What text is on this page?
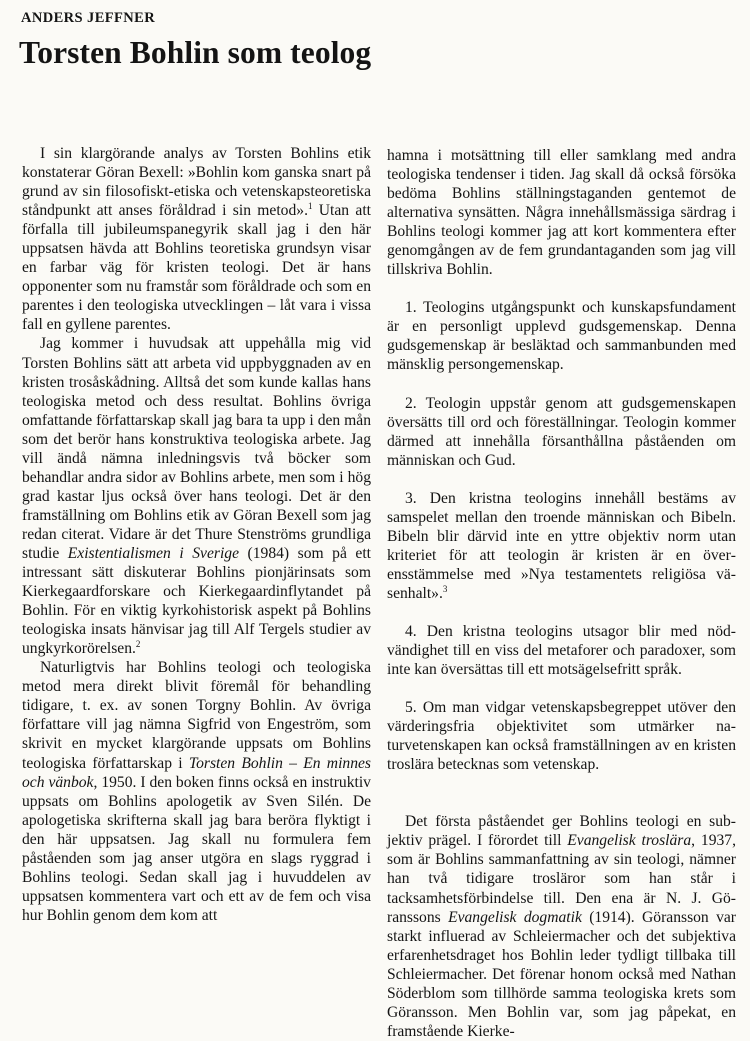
ANDERS JEFFNER
Torsten Bohlin som teolog

I sin klargörande analys av Torsten Bohlins etik konstaterar Göran Bexell: »Bohlin kom ganska snart på grund av sin filosofiskt-etiska och vetenskapsteoretiska ståndpunkt att anses föråldrad i sin metod».$^1$ Utan att förfalla till jubileumspanegyrik skall jag i den här uppsatsen hävda att Bohlins teoretiska grundsyn visar en farbar väg för kristen teologi. Det är hans opponenter som nu framstår som föråldrade och som en parentes i den teologiska utvecklingen – låt vara i vissa fall en gyllene parentes.

Jag kommer i huvudsak att uppehålla mig vid Torsten Bohlins sätt att arbeta vid uppbyggnaden av en kristen trosåskådning. Alltså det som kunde kallas hans teologiska metod och dess resultat. Bohlins övriga omfattande författarskap skall jag bara ta upp i den mån som det berör hans konstruktiva teologiska arbete. Jag vill ändå nämna inledningsvis två böcker som behandlar andra sidor av Bohlins arbete, men som i hög grad kastar ljus också över hans teologi. Det är den framställning om Bohlins etik av Göran Bexell som jag redan citerat. Vidare är det Thure Stenströms grundliga studie Existentialismen i Sverige (1984) som på ett intressant sätt diskuterar Bohlins pionjärinsats som Kierkegaardforskare och Kierkegaardinflytandet på Bohlin. För en viktig kyrkohistorisk aspekt på Bohlins teologiska insats hänvisar jag till Alf Tergels studier av ungkyrkorörelsen.$^2$

Naturligtvis har Bohlins teologi och teologiska metod mera direkt blivit föremål för behandling tidigare, t. ex. av sonen Torgny Bohlin. Av övriga författare vill jag nämna Sigfrid von Engeström, som skrivit en mycket klargörande uppsats om Bohlins teologiska författarskap i Torsten Bohlin – En minnes och vänbok, 1950. I den boken finns också en instruktiv uppsats om Bohlins apologetik av Sven Silén. De apologetiska skrifterna skall jag bara beröra flyktigt i den här uppsatsen. Jag skall nu formulera fem påståenden som jag anser utgöra en slags ryggrad i Bohlins teologi. Sedan skall jag i huvuddelen av uppsatsen kommentera vart och ett av de fem och visa hur Bohlin genom dem kom att

hamna i motsättning till eller samklang med andra teologiska tendenser i tiden. Jag skall då också försöka bedöma Bohlins ställningstaganden gentemot de alternativa synsätten. Några innehållsmässiga särdrag i Bohlins teologi kommer jag att kort kommentera efter genomgången av de fem grundantaganden som jag vill tillskriva Bohlin.

1. Teologins utgångspunkt och kunskapsfundament är en personligt upplevd gudsgemenskap. Denna gudsgemenskap är besläktad och sammanbunden med mänsklig persongemenskap.

2. Teologin uppstår genom att gudsgemenskapen översätts till ord och föreställningar. Teologin kommer därmed att innehålla försanthållna påståenden om människan och Gud.

3. Den kristna teologins innehåll bestäms av samspelet mellan den troende människan och Bibeln. Bibeln blir därvid inte en yttre objektiv norm utan kriteriet för att teologin är kristen är en överensstämmelse med »Nya testamentets religiösa väsenhalt».$^3$

4. Den kristna teologins utsagor blir med nödvändighet till en viss del metaforer och paradoxer, som inte kan översättas till ett motsägelsefritt språk.

5. Om man vidgar vetenskapsbegreppet utöver den värderingsfria objektivitet som utmärker naturvetenskapen kan också framställningen av en kristen troslära betecknas som vetenskap.

Det första påståendet ger Bohlins teologi en subjektiv prägel. I förordet till Evangelisk troslära, 1937, som är Bohlins sammanfattning av sin teologi, nämner han två tidigare trosläror som han står i tacksamhetsförbindelse till. Den ena är N. J. Göranssons Evangelisk dogmatik (1914). Göransson var starkt influerad av Schleiermacher och det subjektiva erfarenhetsdraget hos Bohlin leder tydligt tillbaka till Schleiermacher. Det förenar honom också med Nathan Söderblom som tillhörde samma teologiska krets som Göransson. Men Bohlin var, som jag påpekat, en framstående Kierke-
